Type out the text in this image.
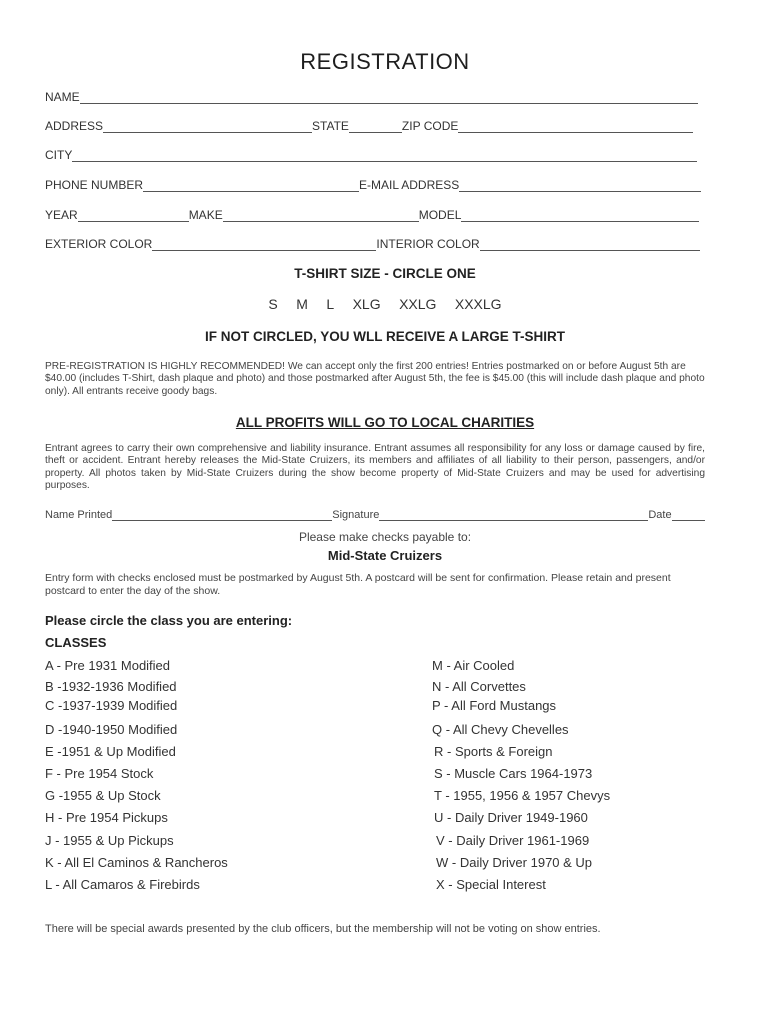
REGISTRATION
NAME
ADDRESS	STATE	ZIP CODE
CITY
PHONE NUMBER	E-MAIL ADDRESS
YEAR	MAKE	MODEL
EXTERIOR COLOR	INTERIOR COLOR
T-SHIRT SIZE - CIRCLE ONE
S M L XLG XXLG XXXLG
IF NOT CIRCLED, YOU WLL RECEIVE A LARGE T-SHIRT
PRE-REGISTRATION IS HIGHLY RECOMMENDED! We can accept only the first 200 entries! Entries postmarked on or before August 5th are $40.00 (includes T-Shirt, dash plaque and photo) and those postmarked after August 5th, the fee is $45.00 (this will include dash plaque and photo only). All entrants receive goody bags.
ALL PROFITS WILL GO TO LOCAL CHARITIES
Entrant agrees to carry their own comprehensive and liability insurance. Entrant assumes all responsibility for any loss or damage caused by fire, theft or accident. Entrant hereby releases the Mid-State Cruizers, its members and affiliates of all liability to their person, passengers, and/or property. All photos taken by Mid-State Cruizers during the show become property of Mid-State Cruizers and may be used for advertising purposes.
Name Printed	Signature	Date
Please make checks payable to:
Mid-State Cruizers
Entry form with checks enclosed must be postmarked by August 5th. A postcard will be sent for confirmation. Please retain and present postcard to enter the day of the show.
Please circle the class you are entering:
CLASSES
A - Pre 1931 Modified
B -1932-1936 Modified
C -1937-1939 Modified
D -1940-1950 Modified
E -1951 & Up Modified
F - Pre 1954 Stock
G -1955 & Up Stock
H - Pre 1954 Pickups
J - 1955 & Up Pickups
K - All El Caminos & Rancheros
L - All Camaros & Firebirds
M - Air Cooled
N - All Corvettes
P - All Ford Mustangs
Q - All Chevy Chevelles
R - Sports & Foreign
S - Muscle Cars 1964-1973
T - 1955, 1956 & 1957 Chevys
U - Daily Driver 1949-1960
V - Daily Driver 1961-1969
W - Daily Driver 1970 & Up
X - Special Interest
There will be special awards presented by the club officers, but the membership will not be voting on show entries.
